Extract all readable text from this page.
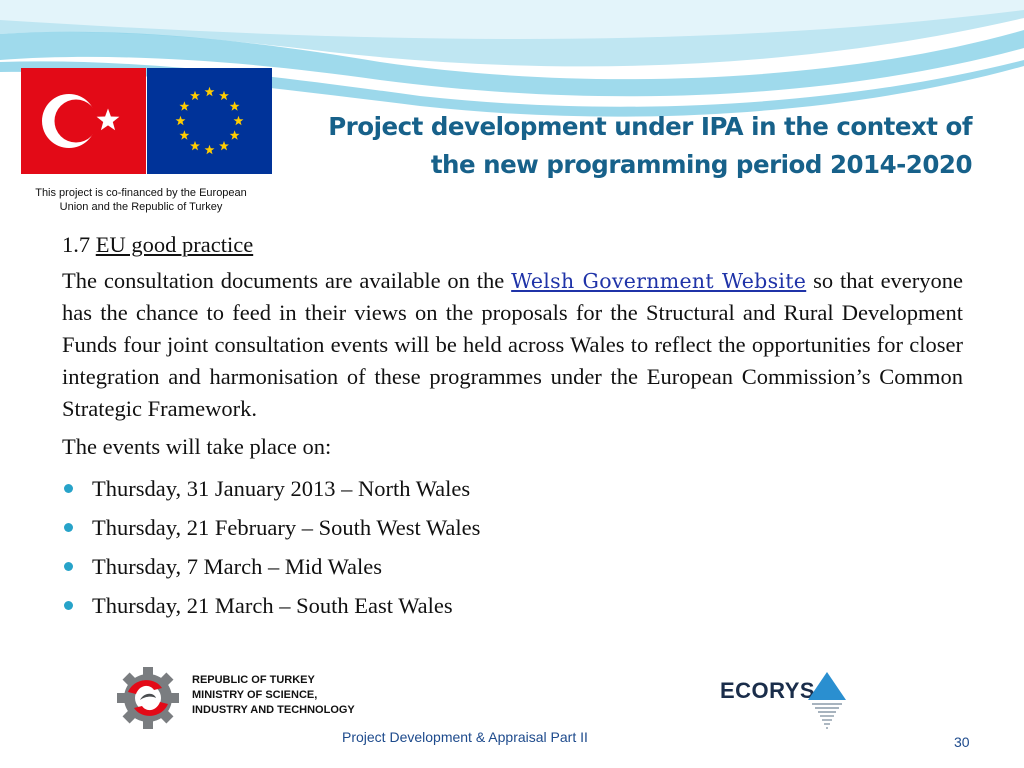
This project is co-financed by the European
Union and the Republic of Turkey
Project development under IPA in the context of
the new programming period 2014-2020

1.7 EU good practice

The consultation documents are available on the Welsh Government Website so that everyone has the chance to feed in their views on the proposals for the Structural and Rural Development Funds four joint consultation events will be held across Wales to reflect the opportunities for closer integration and harmonisation of these programmes under the European Commission’s Common Strategic Framework.

The events will take place on:

Thursday, 31 January 2013 – North Wales
Thursday, 21 February – South West Wales
Thursday, 7 March – Mid Wales
Thursday, 21 March – South East Wales
REPUBLIC OF TURKEY
MINISTRY OF SCIENCE,
INDUSTRY AND TECHNOLOGY
ECORYS
Project Development & Appraisal Part II	30
